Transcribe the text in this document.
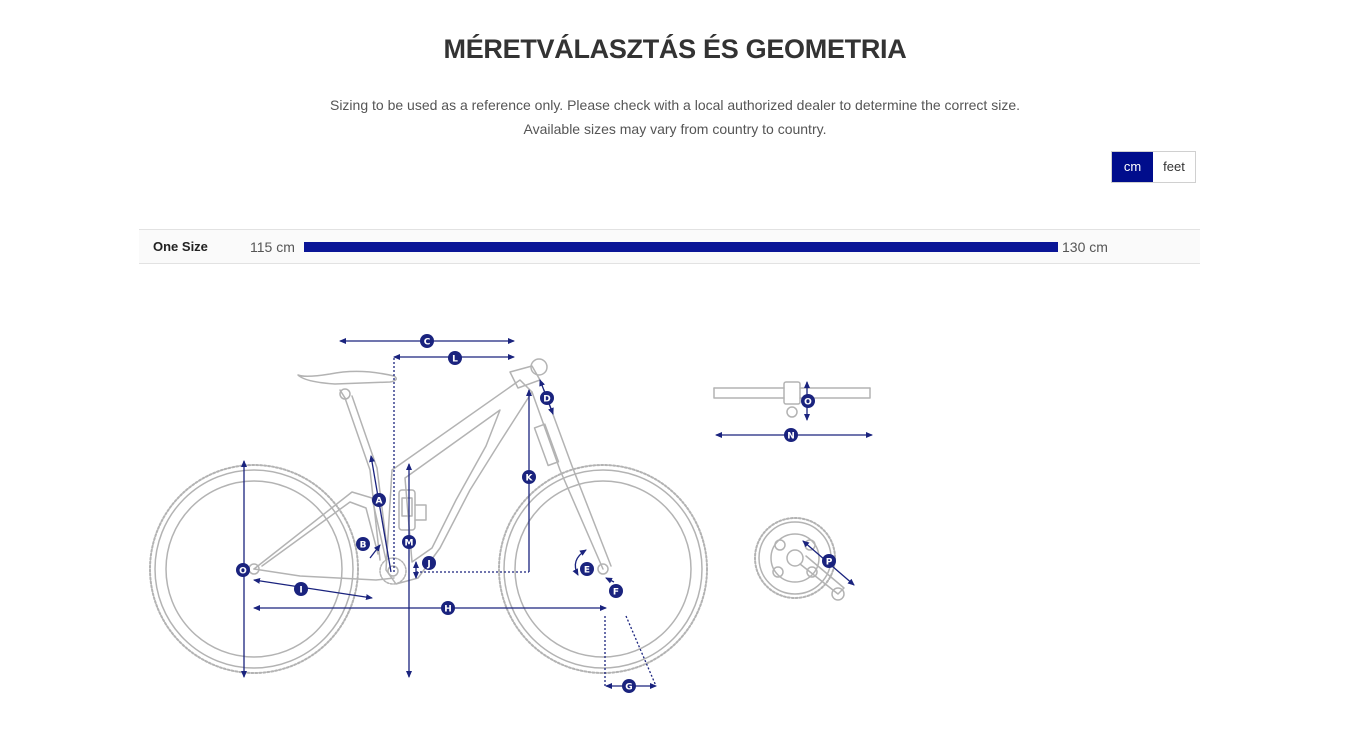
MÉRETVÁLASZTÁS ÉS GEOMETRIA
Sizing to be used as a reference only. Please check with a local authorized dealer to determine the correct size.
Available sizes may vary from country to country.
cm	feet
One Size	115 cm	130 cm
C
L
D
K
A
B	M
J
O
I
H
E
F
G
O
N
P
